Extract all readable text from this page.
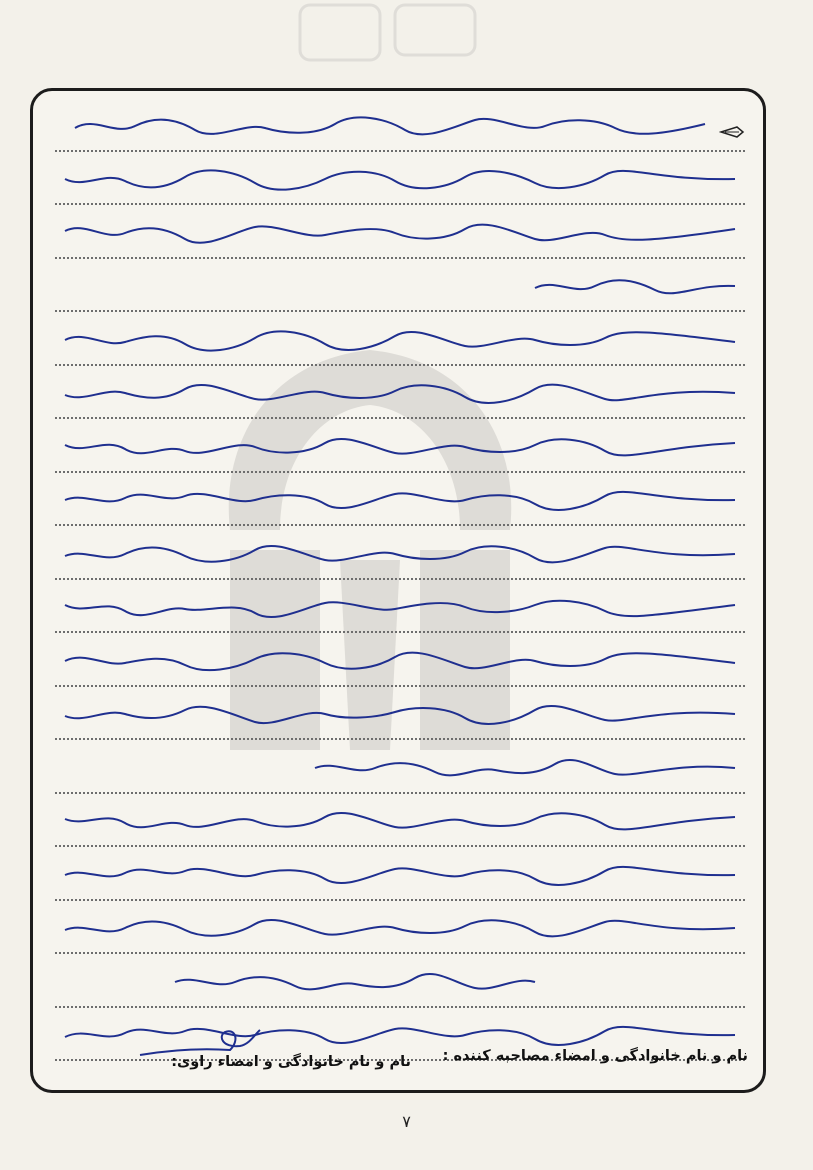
نام و نام خانوادگی و امضاء مصاحبه کننده :
نام و نام خانوادگی و امضاء راوی:
۷
